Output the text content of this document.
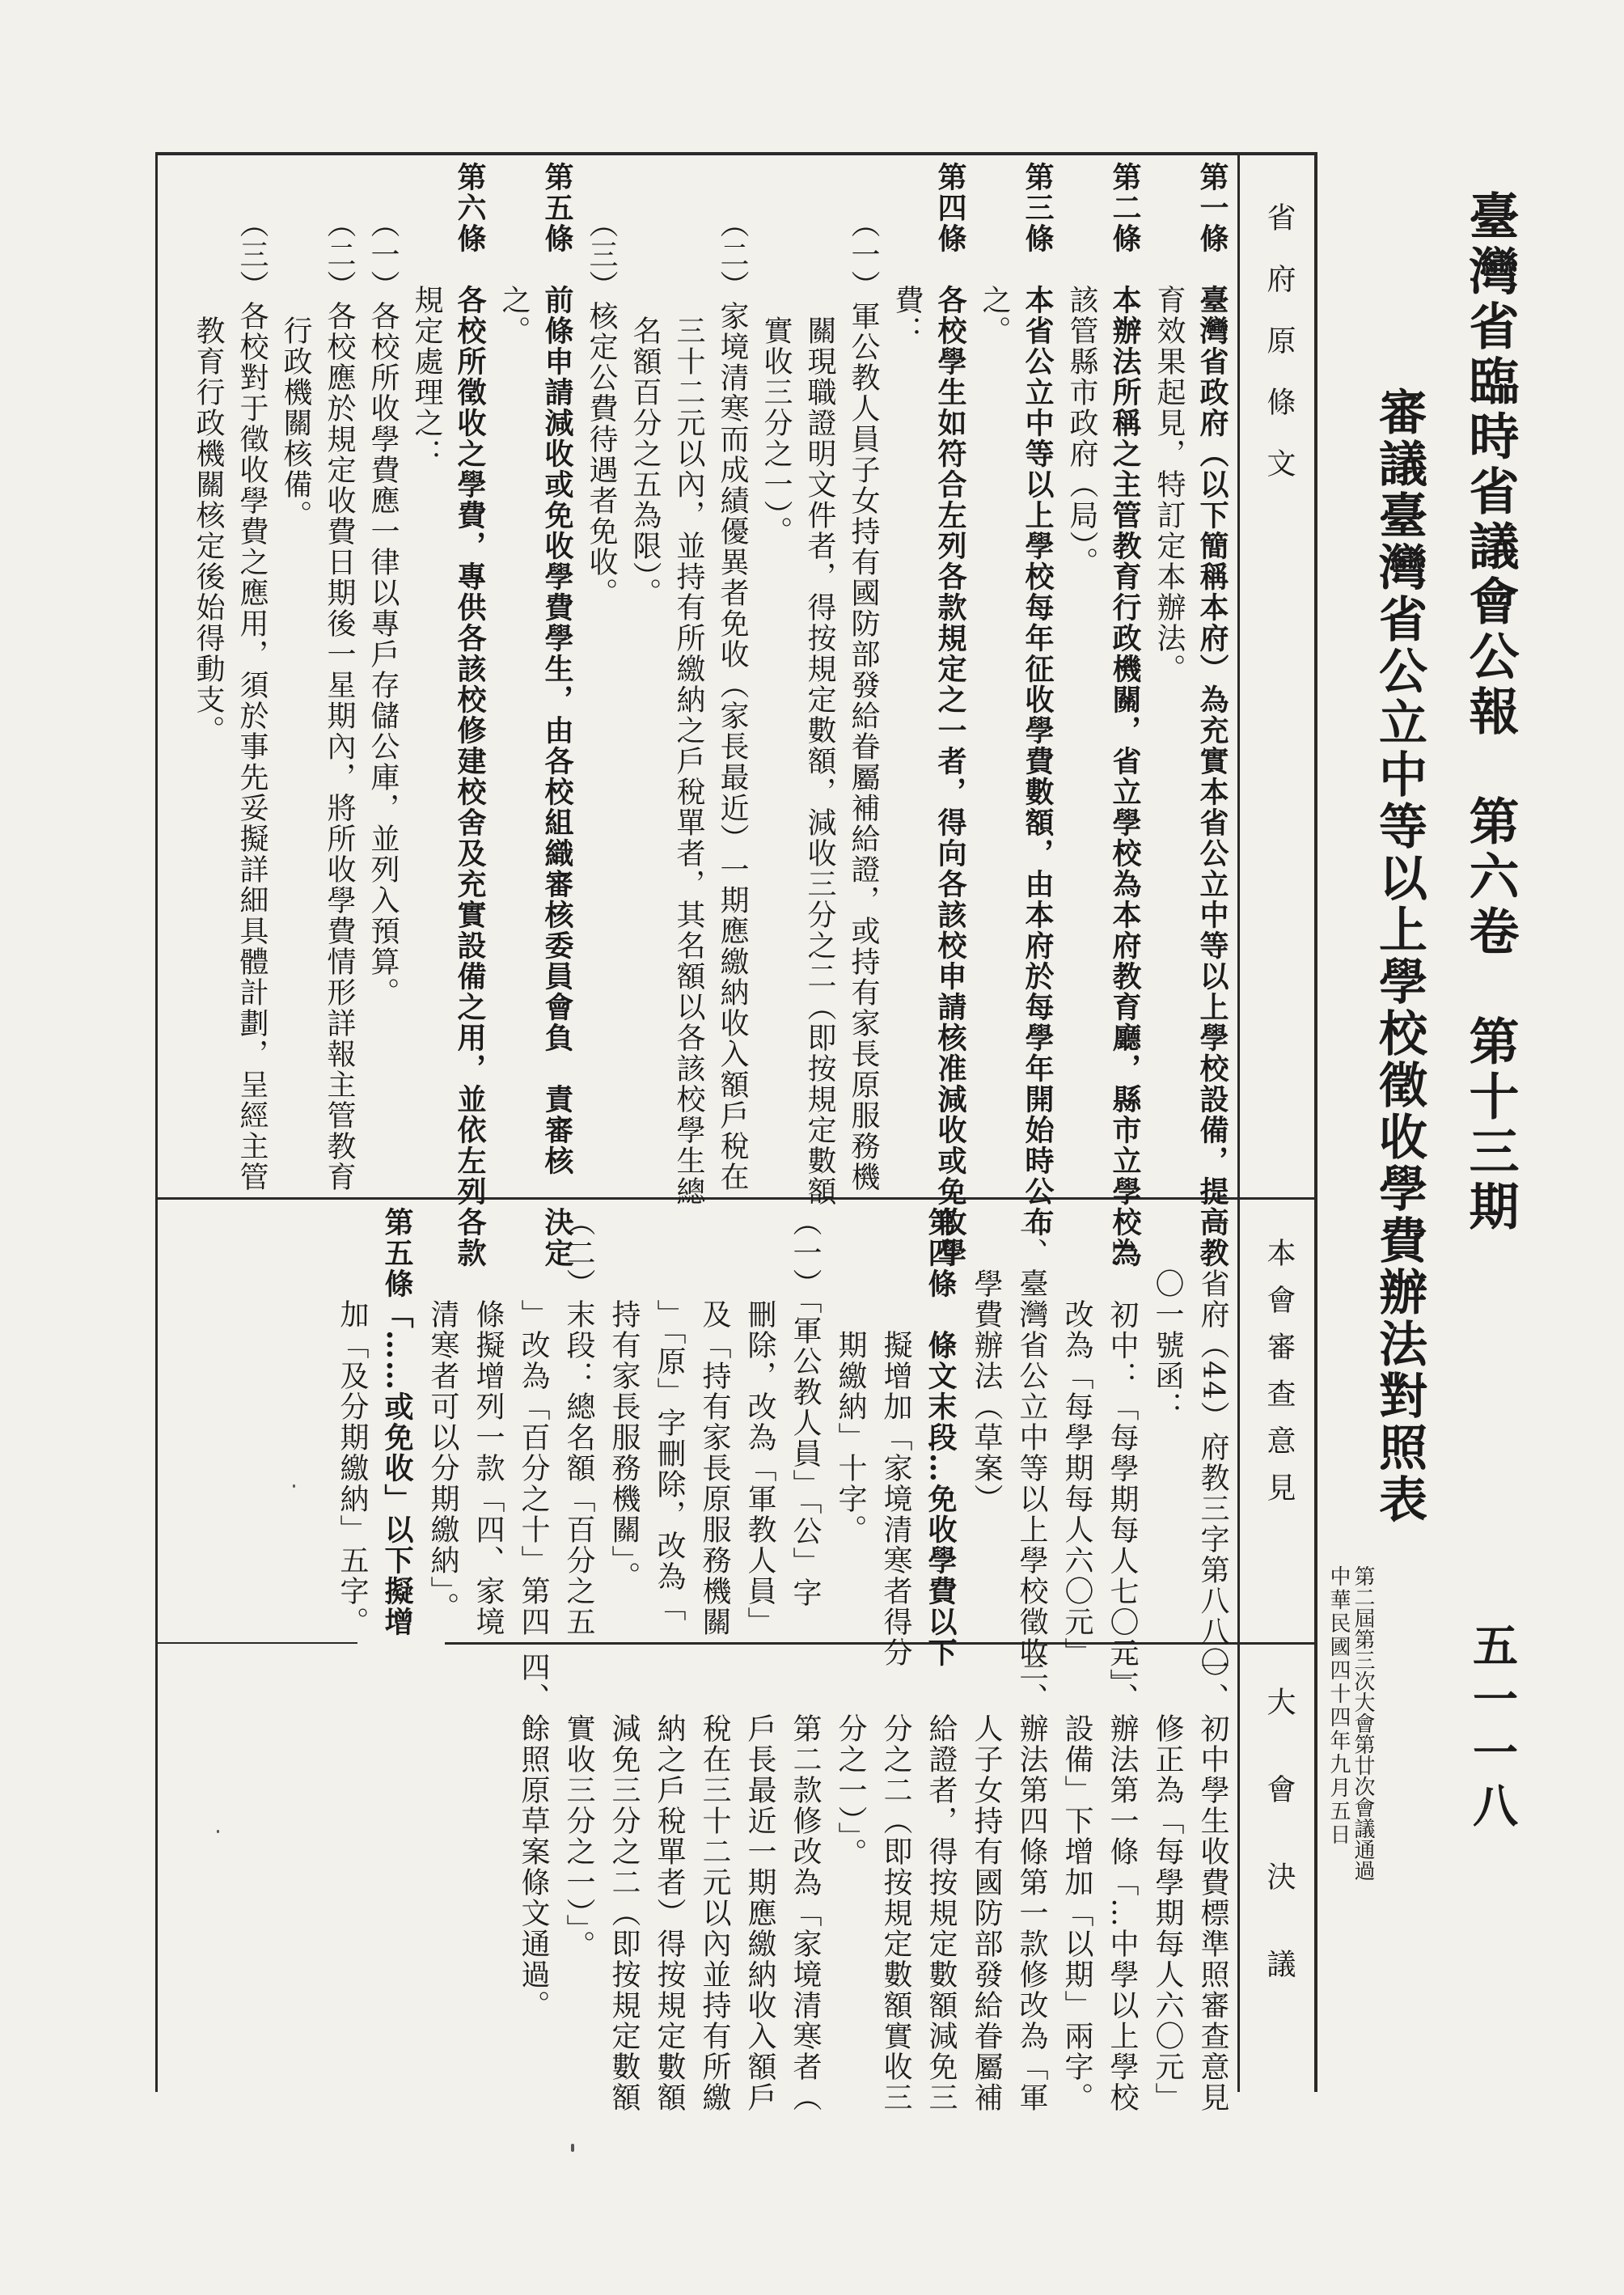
臺灣省臨時省議會公報　第六卷　第十三期
五一一八
審議臺灣省公立中等以上學校徵收學費辦法對照表
中華民國四十四年九月五日 第二屆第三次大會第廿次會議通過
省府原條文
本會審查意見
大會決議
第一條　臺灣省政府（以下簡稱本府）為充實本省公立中等以上學校設備，提高教
　　　　育效果起見，特訂定本辦法。
第二條　本辦法所稱之主管教育行政機關，省立學校為本府教育廳，縣市立學校為
　　　　該管縣市政府（局）。
第三條　本省公立中等以上學校每年征收學費數額，由本府於每學年開始時公布
　　　　之。
第四條　各校學生如符合左列各款規定之一者，得向各該校申請核准減收或免收學
　　　　費：
　　（一）軍公教人員子女持有國防部發給眷屬補給證，或持有家長原服務機
　　　　　關現職證明文件者，得按規定數額，減收三分之二（即按規定數額
　　　　　實收三分之一）。
　　（二）家境清寒而成績優異者免收（家長最近）一期應繳納收入額戶稅在
　　　　　三十二元以內，並持有所繳納之戶稅單者，其名額以各該校學生總
　　　　　名額百分之五為限）。
　　（三）核定公費待遇者免收。
第五條　前條申請減收或免收學費學生，由各校組織審核委員會負　責審核　決定
　　　　之。
第六條　各校所徵收之學費，專供各該校修建校舍及充實設備之用，並依左列各款
　　　　規定處理之：
　　（一）各校所收學費應一律以專戶存儲公庫，並列入預算。
　　（二）各校應於規定收費日期後一星期內，將所收學費情形詳報主管教育
　　　　　行政機關核備。
　　（三）各校對于徵收學費之應用，須於事先妥擬詳細具體計劃，呈經主管
　　　　　教育行政機關核定後始得動支。
一、省府（44）府教三字第八八〇
　　〇一號函：
　1.　初中：「每學期每人七〇元」
　　　改為「每學期每人六〇元」
二、臺灣省公立中等以上學校徵收
　　學費辦法（草案）
第四條　條文末段…免收學費以下
　　　　擬增加「家境清寒者得分
　　　　期繳納」十字。
（一）「軍公教人員」「公」字
　　　刪除，改為「軍教人員」
　　　及「持有家長原服務機關
　　　」「原」字刪除，改為「
　　　持有家長服務機關」。
（二）末段：總名額「百分之五
　　　」改為「百分之十」第四
　　　條擬增列一款「四、家境
　　　清寒者可以分期繳納」。
第五條「……或免收」以下擬增
　　　加「及分期繳納」五字。
一、初中學生收費標準照審查意見
　　修正為「每學期每人六〇元」
二、辦法第一條「…中學以上學校
　　設備」下增加「以期」兩字。
三、辦法第四條第一款修改為「軍
　　人子女持有國防部發給眷屬補
　　給證者，得按規定數額減免三
　　分之二（即按規定數額實收三
　　分之一）」。
　　第二款修改為「家境清寒者（
　　戶長最近一期應繳納收入額戶
　　稅在三十二元以內並持有所繳
　　納之戶稅單者）得按規定數額
　　減免三分之二（即按規定數額
　　實收三分之一）」。
四、餘照原草案條文通過。
